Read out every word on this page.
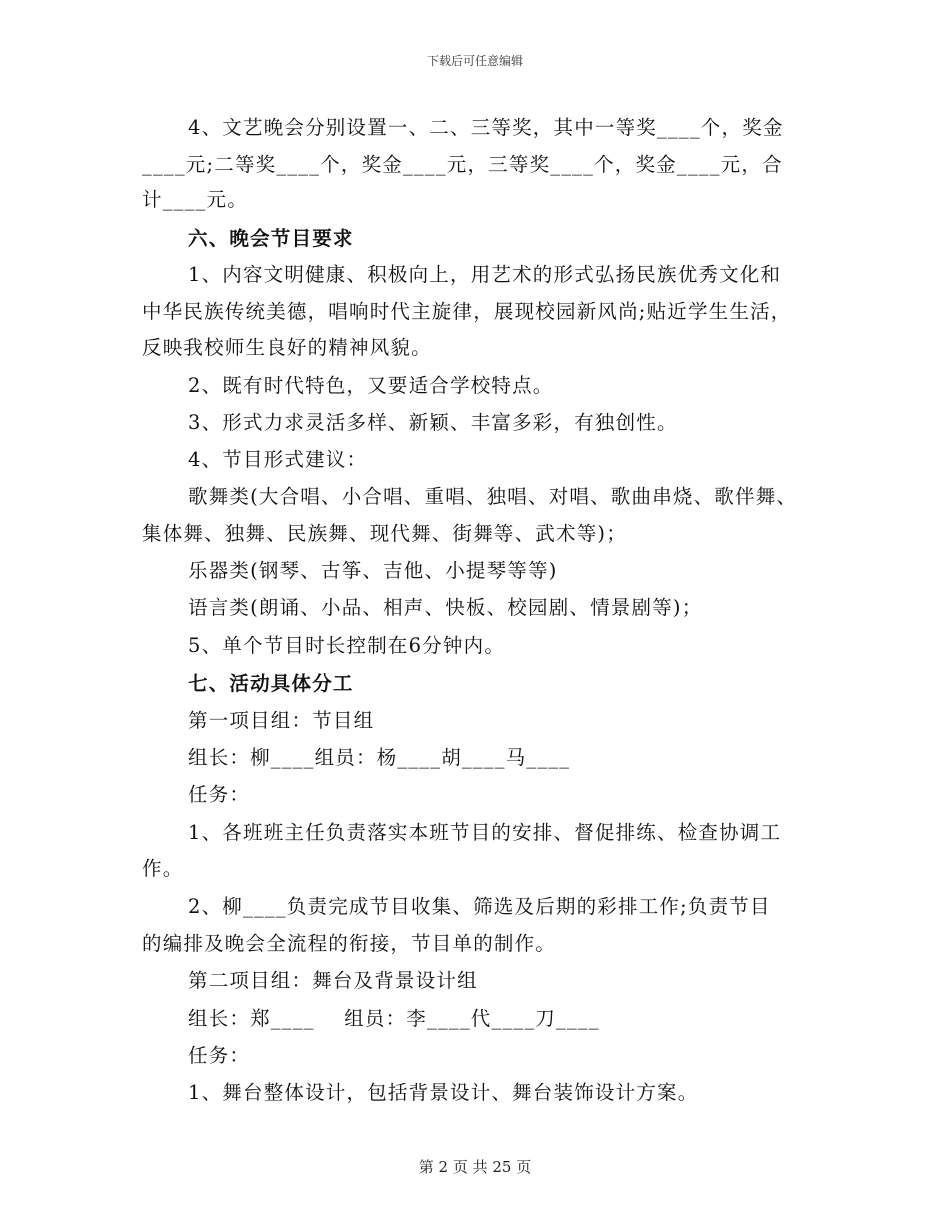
下载后可任意编辑
4、文艺晚会分别设置一、二、三等奖，其中一等奖____个，奖金
____元;二等奖____个，奖金____元，三等奖____个，奖金____元，合
计____元。
六、晚会节目要求
1、内容文明健康、积极向上，用艺术的形式弘扬民族优秀文化和
中华民族传统美德，唱响时代主旋律，展现校园新风尚;贴近学生生活，
反映我校师生良好的精神风貌。
2、既有时代特色，又要适合学校特点。
3、形式力求灵活多样、新颖、丰富多彩，有独创性。
4、节目形式建议：
歌舞类(大合唱、小合唱、重唱、独唱、对唱、歌曲串烧、歌伴舞、
集体舞、独舞、民族舞、现代舞、街舞等、武术等)；
乐器类(钢琴、古筝、吉他、小提琴等等)
语言类(朗诵、小品、相声、快板、校园剧、情景剧等)；
5、单个节目时长控制在6分钟内。
七、活动具体分工
第一项目组：节目组
组长：柳____组员：杨____胡____马____
任务：
1、各班班主任负责落实本班节目的安排、督促排练、检查协调工
作。
2、柳____负责完成节目收集、筛选及后期的彩排工作;负责节目
的编排及晚会全流程的衔接，节目单的制作。
第二项目组：舞台及背景设计组
组长：郑____    组员：李____代____刀____
任务：
1、舞台整体设计，包括背景设计、舞台装饰设计方案。
第 2 页 共 25 页
